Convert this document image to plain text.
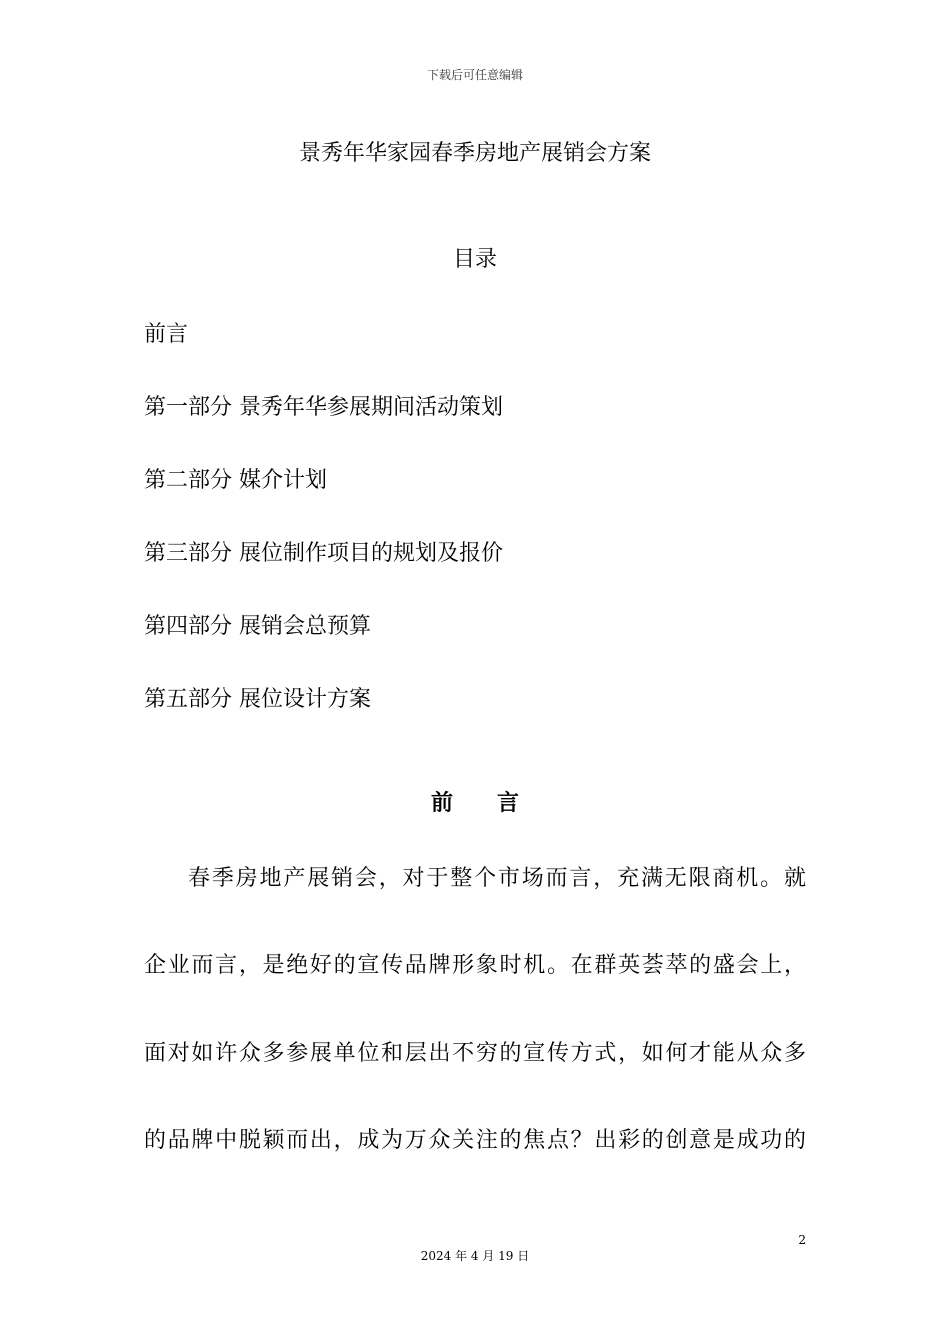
下载后可任意编辑
景秀年华家园春季房地产展销会方案
目录
前言
第一部分 景秀年华参展期间活动策划
第二部分 媒介计划
第三部分 展位制作项目的规划及报价
第四部分 展销会总预算
第五部分 展位设计方案
前 言
春季房地产展销会，对于整个市场而言，充满无限商机。就
企业而言，是绝好的宣传品牌形象时机。在群英荟萃的盛会上，
面对如许众多参展单位和层出不穷的宣传方式，如何才能从众多
的品牌中脱颖而出，成为万众关注的焦点？出彩的创意是成功的
2
2024 年 4 月 19 日
